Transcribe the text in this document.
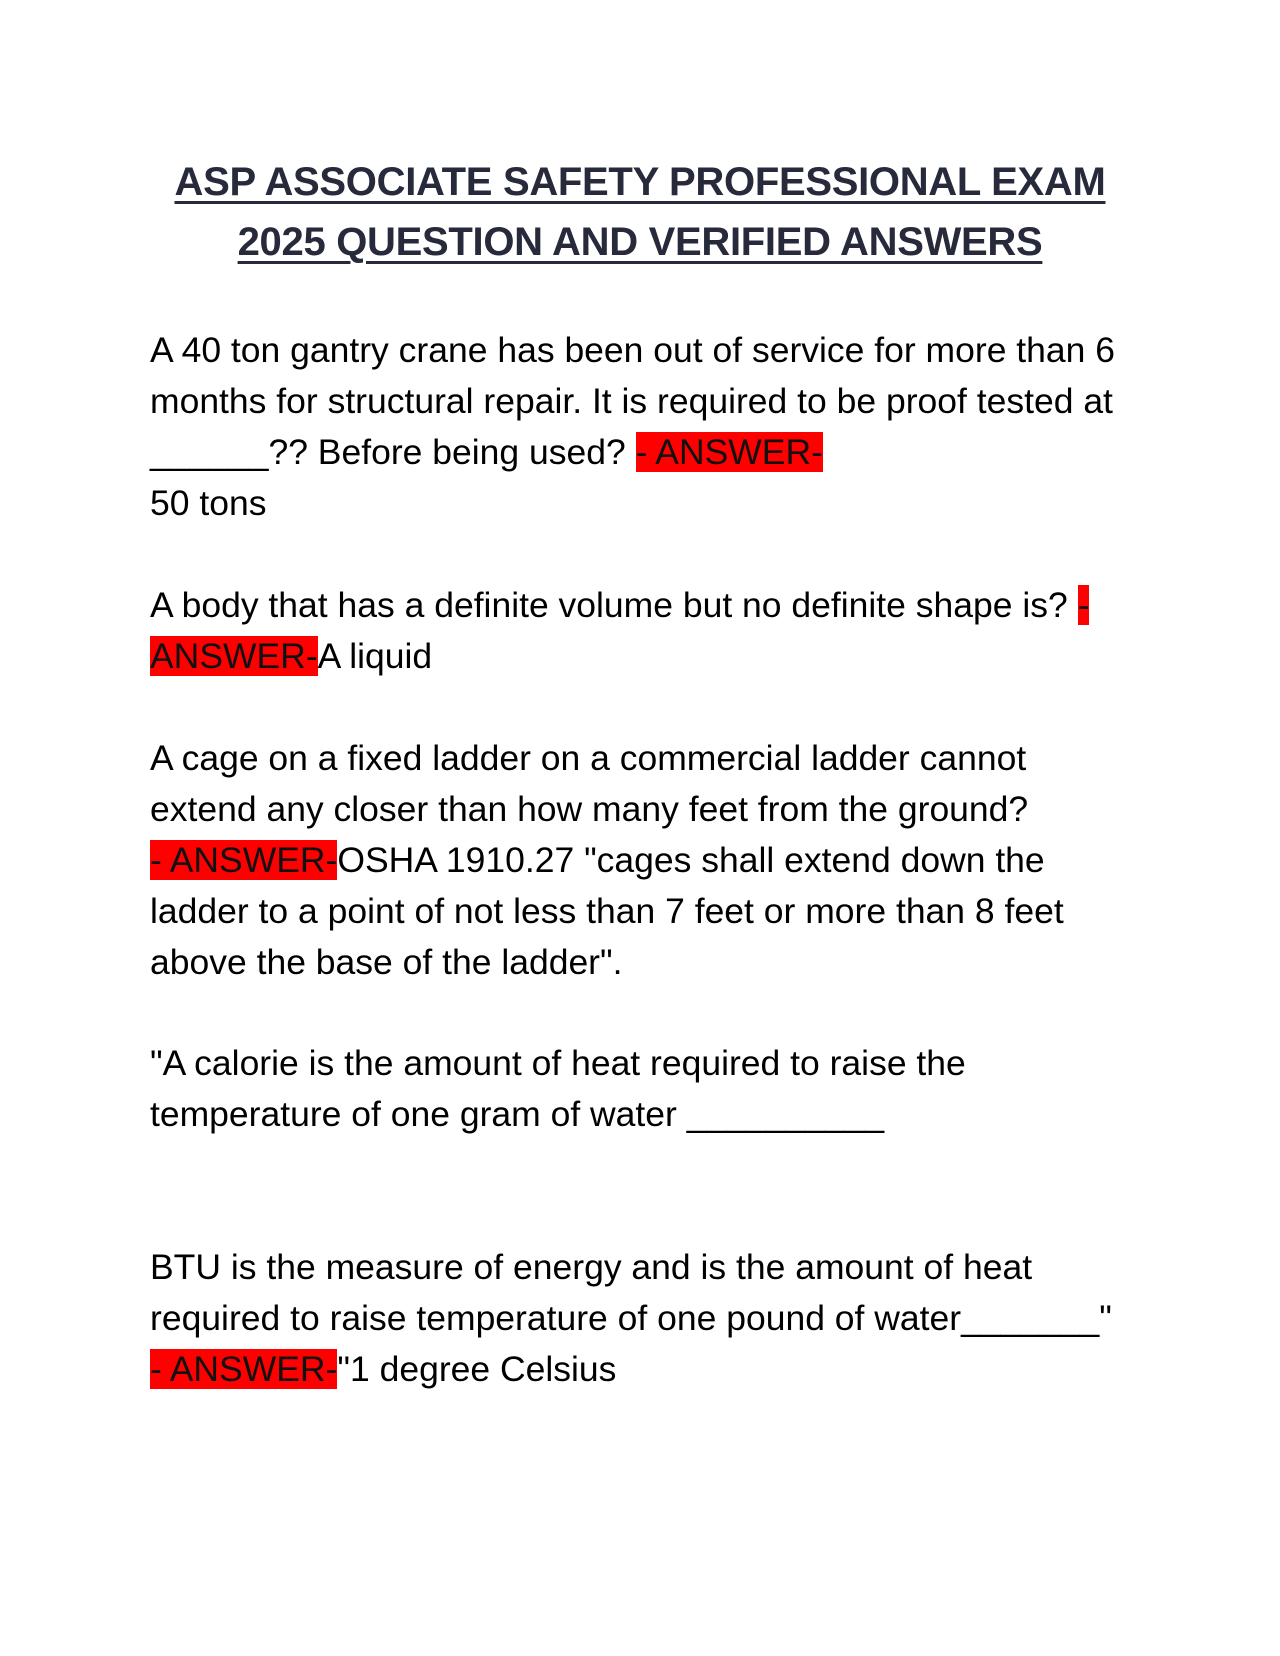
ASP ASSOCIATE SAFETY PROFESSIONAL EXAM
2025 QUESTION AND VERIFIED ANSWERS
A 40 ton gantry crane has been out of service for more than 6 months for structural repair. It is required to be proof tested at ______?? Before being used? - ANSWER-
50 tons
A body that has a definite volume but no definite shape is? - ANSWER-A liquid
A cage on a fixed ladder on a commercial ladder cannot extend any closer than how many feet from the ground?
- ANSWER-OSHA 1910.27 "cages shall extend down the ladder to a point of not less than 7 feet or more than 8 feet above the base of the ladder".
"A calorie is the amount of heat required to raise the temperature of one gram of water __________
BTU is the measure of energy and is the amount of heat required to raise temperature of one pound of water_______" - ANSWER-"1 degree Celsius
